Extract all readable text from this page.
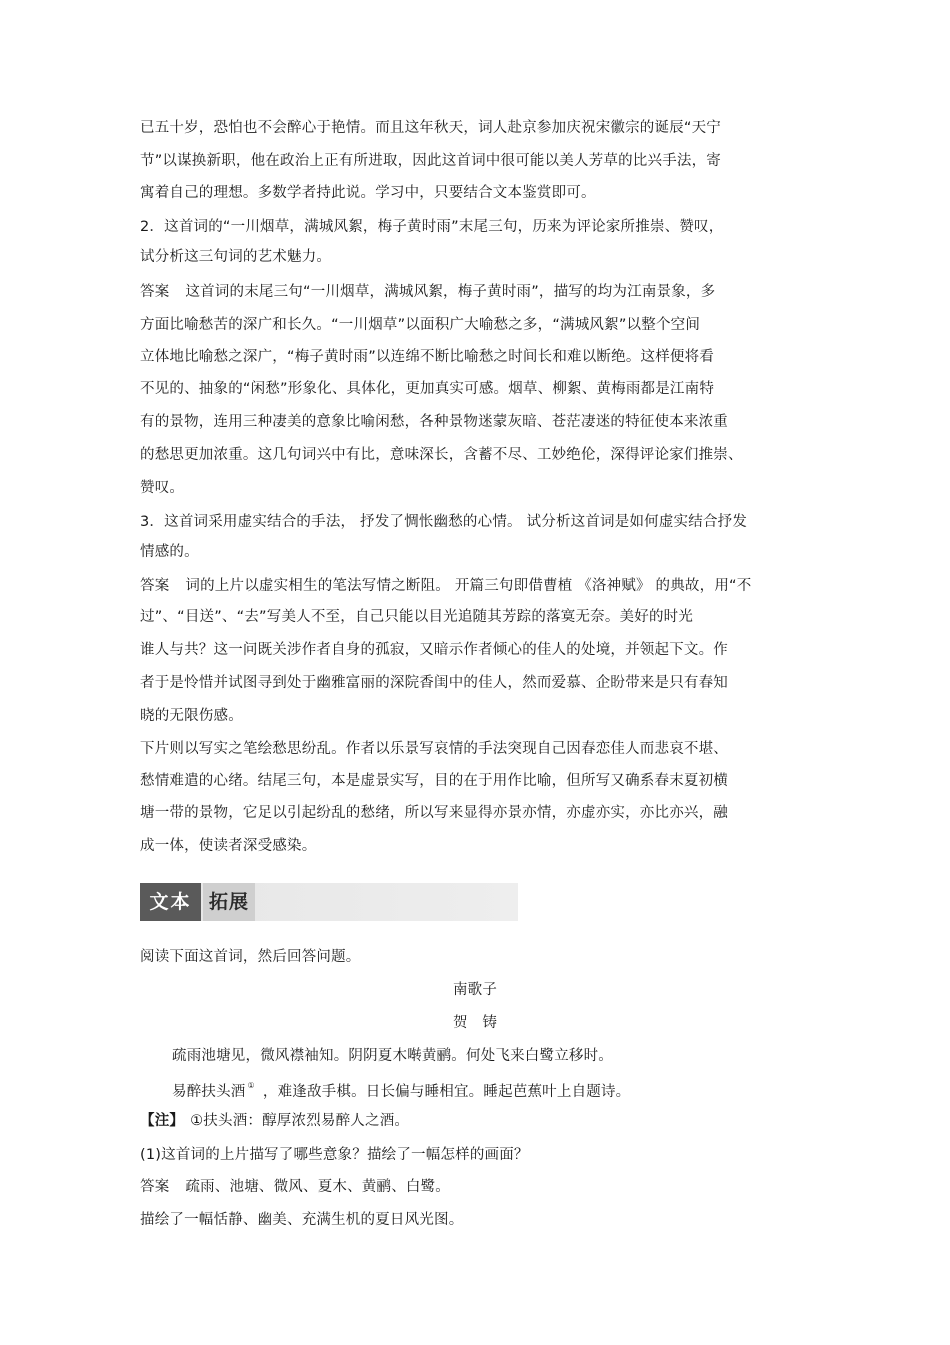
已五十岁，恐怕也不会醉心于艳情。而且这年秋天，词人赴京参加庆祝宋徽宗的诞辰“天宁
节”以谋换新职，他在政治上正有所进取，因此这首词中很可能以美人芳草的比兴手法，寄
寓着自己的理想。多数学者持此说。学习中，只要结合文本鉴赏即可。
2．这首词的“一川烟草，满城风絮，梅子黄时雨”末尾三句，历来为评论家所推崇、赞叹，
试分析这三句词的艺术魅力。
答案 这首词的末尾三句“一川烟草，满城风絮，梅子黄时雨”，描写的均为江南景象，多
方面比喻愁苦的深广和长久。“一川烟草”以面积广大喻愁之多，“满城风絮”以整个空间
立体地比喻愁之深广，“梅子黄时雨”以连绵不断比喻愁之时间长和难以断绝。这样便将看
不见的、抽象的“闲愁”形象化、具体化，更加真实可感。烟草、柳絮、黄梅雨都是江南特
有的景物，连用三种凄美的意象比喻闲愁，各种景物迷蒙灰暗、苍茫凄迷的特征使本来浓重
的愁思更加浓重。这几句词兴中有比，意味深长，含蓄不尽、工妙绝伦，深得评论家们推崇、
赞叹。
3．这首词采用虚实结合的手法， 抒发了惆怅幽愁的心情。 试分析这首词是如何虚实结合抒发
情感的。
答案 词的上片以虚实相生的笔法写情之断阻。 开篇三句即借曹植 《洛神赋》 的典故，用“不
过”、“目送”、“去”写美人不至，自己只能以目光追随其芳踪的落寞无奈。美好的时光
谁人与共？这一问既关涉作者自身的孤寂，又暗示作者倾心的佳人的处境，并领起下文。作
者于是怜惜并试图寻到处于幽雅富丽的深院香闺中的佳人，然而爱慕、企盼带来是只有春知
晓的无限伤感。
下片则以写实之笔绘愁思纷乱。作者以乐景写哀情的手法突现自己因春恋佳人而悲哀不堪、
愁情难遣的心绪。结尾三句，本是虚景实写，目的在于用作比喻，但所写又确系春末夏初横
塘一带的景物，它足以引起纷乱的愁绪，所以写来显得亦景亦情，亦虚亦实，亦比亦兴，融
成一体，使读者深受感染。
文本 拓展
阅读下面这首词，然后回答问题。
南歌子
贺　铸
疏雨池塘见，微风襟袖知。阴阴夏木啭黄鹂。何处飞来白鹭立移时。
易醉扶头酒 ① ，难逢敌手棋。日长偏与睡相宜。睡起芭蕉叶上自题诗。
【注】 ①扶头酒：醇厚浓烈易醉人之酒。
(1)这首词的上片描写了哪些意象？描绘了一幅怎样的画面？
答案 疏雨、池塘、微风、夏木、黄鹂、白鹭。
描绘了一幅恬静、幽美、充满生机的夏日风光图。
